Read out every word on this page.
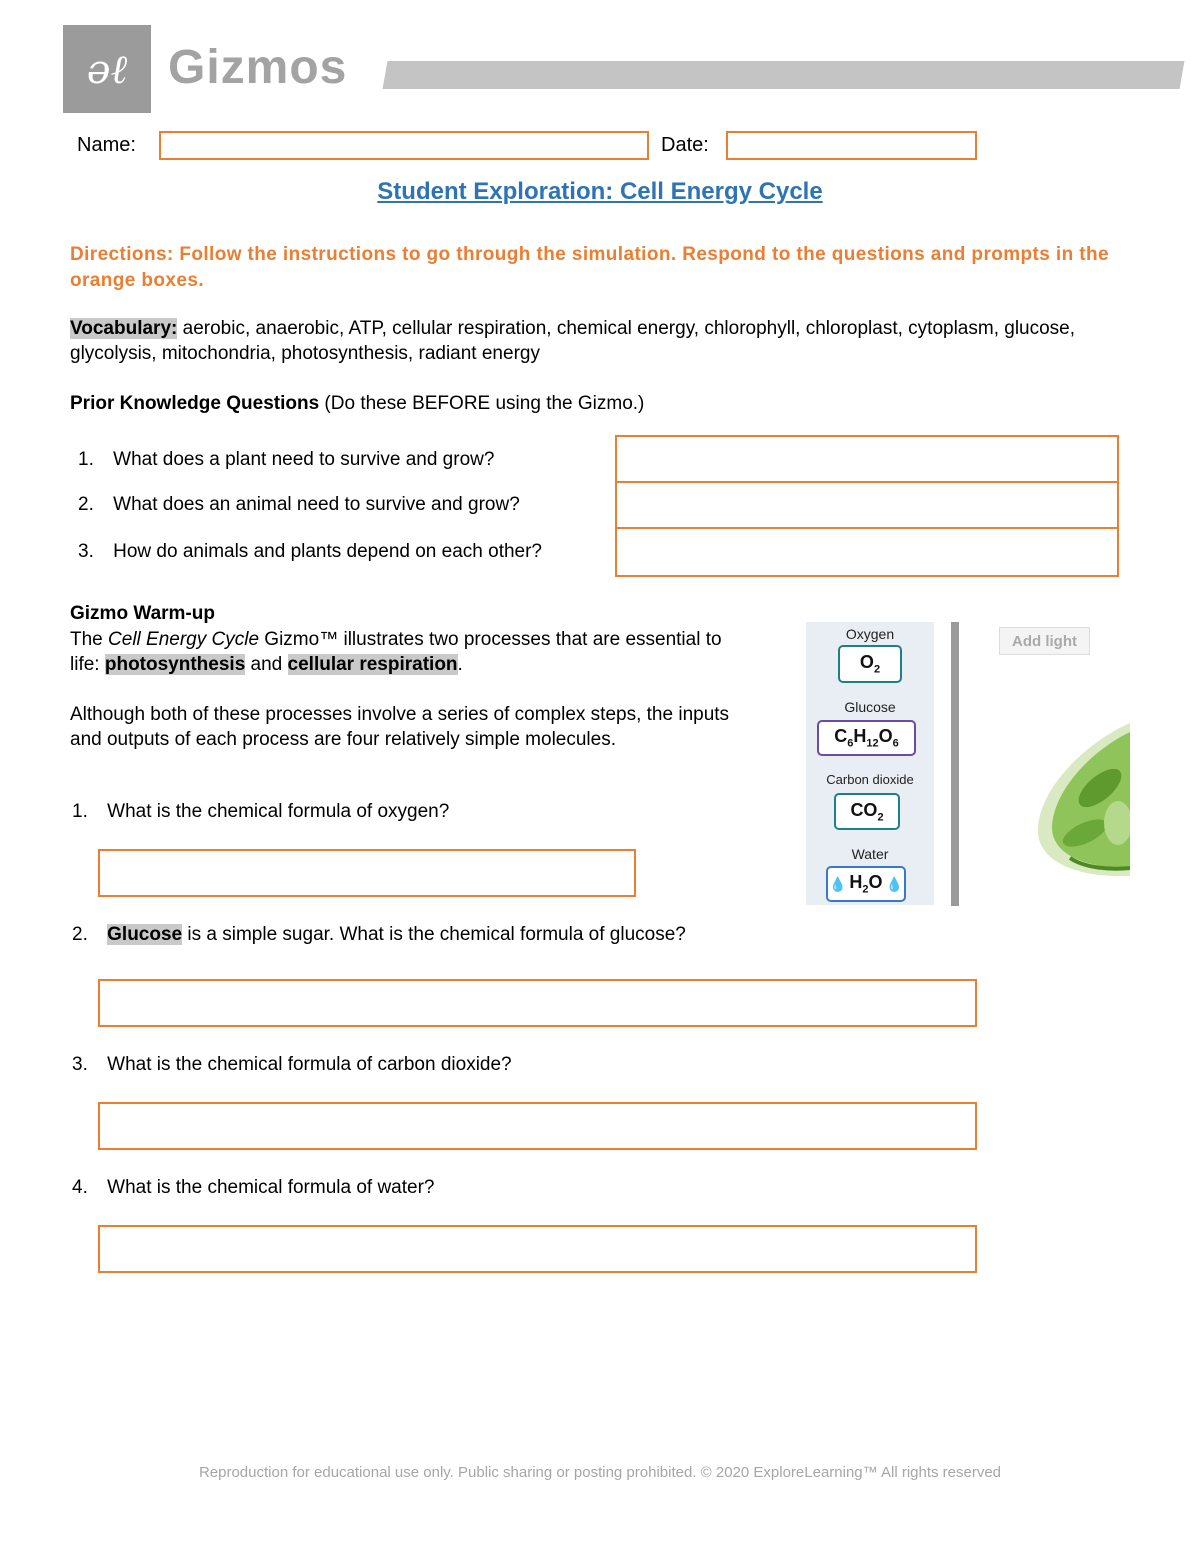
ǝℓ Gizmos
Name:	Date:
Student Exploration: Cell Energy Cycle
Directions: Follow the instructions to go through the simulation. Respond to the questions and prompts in the orange boxes.
Vocabulary: aerobic, anaerobic, ATP, cellular respiration, chemical energy, chlorophyll, chloroplast, cytoplasm, glucose, glycolysis, mitochondria, photosynthesis, radiant energy
Prior Knowledge Questions (Do these BEFORE using the Gizmo.)
1. What does a plant need to survive and grow?
2. What does an animal need to survive and grow?
3. How do animals and plants depend on each other?
Gizmo Warm-up
The Cell Energy Cycle Gizmo™ illustrates two processes that are essential to life: photosynthesis and cellular respiration.
Although both of these processes involve a series of complex steps, the inputs and outputs of each process are four relatively simple molecules.
1. What is the chemical formula of oxygen?
2. Glucose is a simple sugar. What is the chemical formula of glucose?
3. What is the chemical formula of carbon dioxide?
4. What is the chemical formula of water?
Oxygen
$O_2$
Glucose
$C_6H_{12}O_6$
Carbon dioxide
$CO_2$
Water
💧 $H_2O$ 💧
Add light
Reproduction for educational use only. Public sharing or posting prohibited. © 2020 ExploreLearning™ All rights reserved
